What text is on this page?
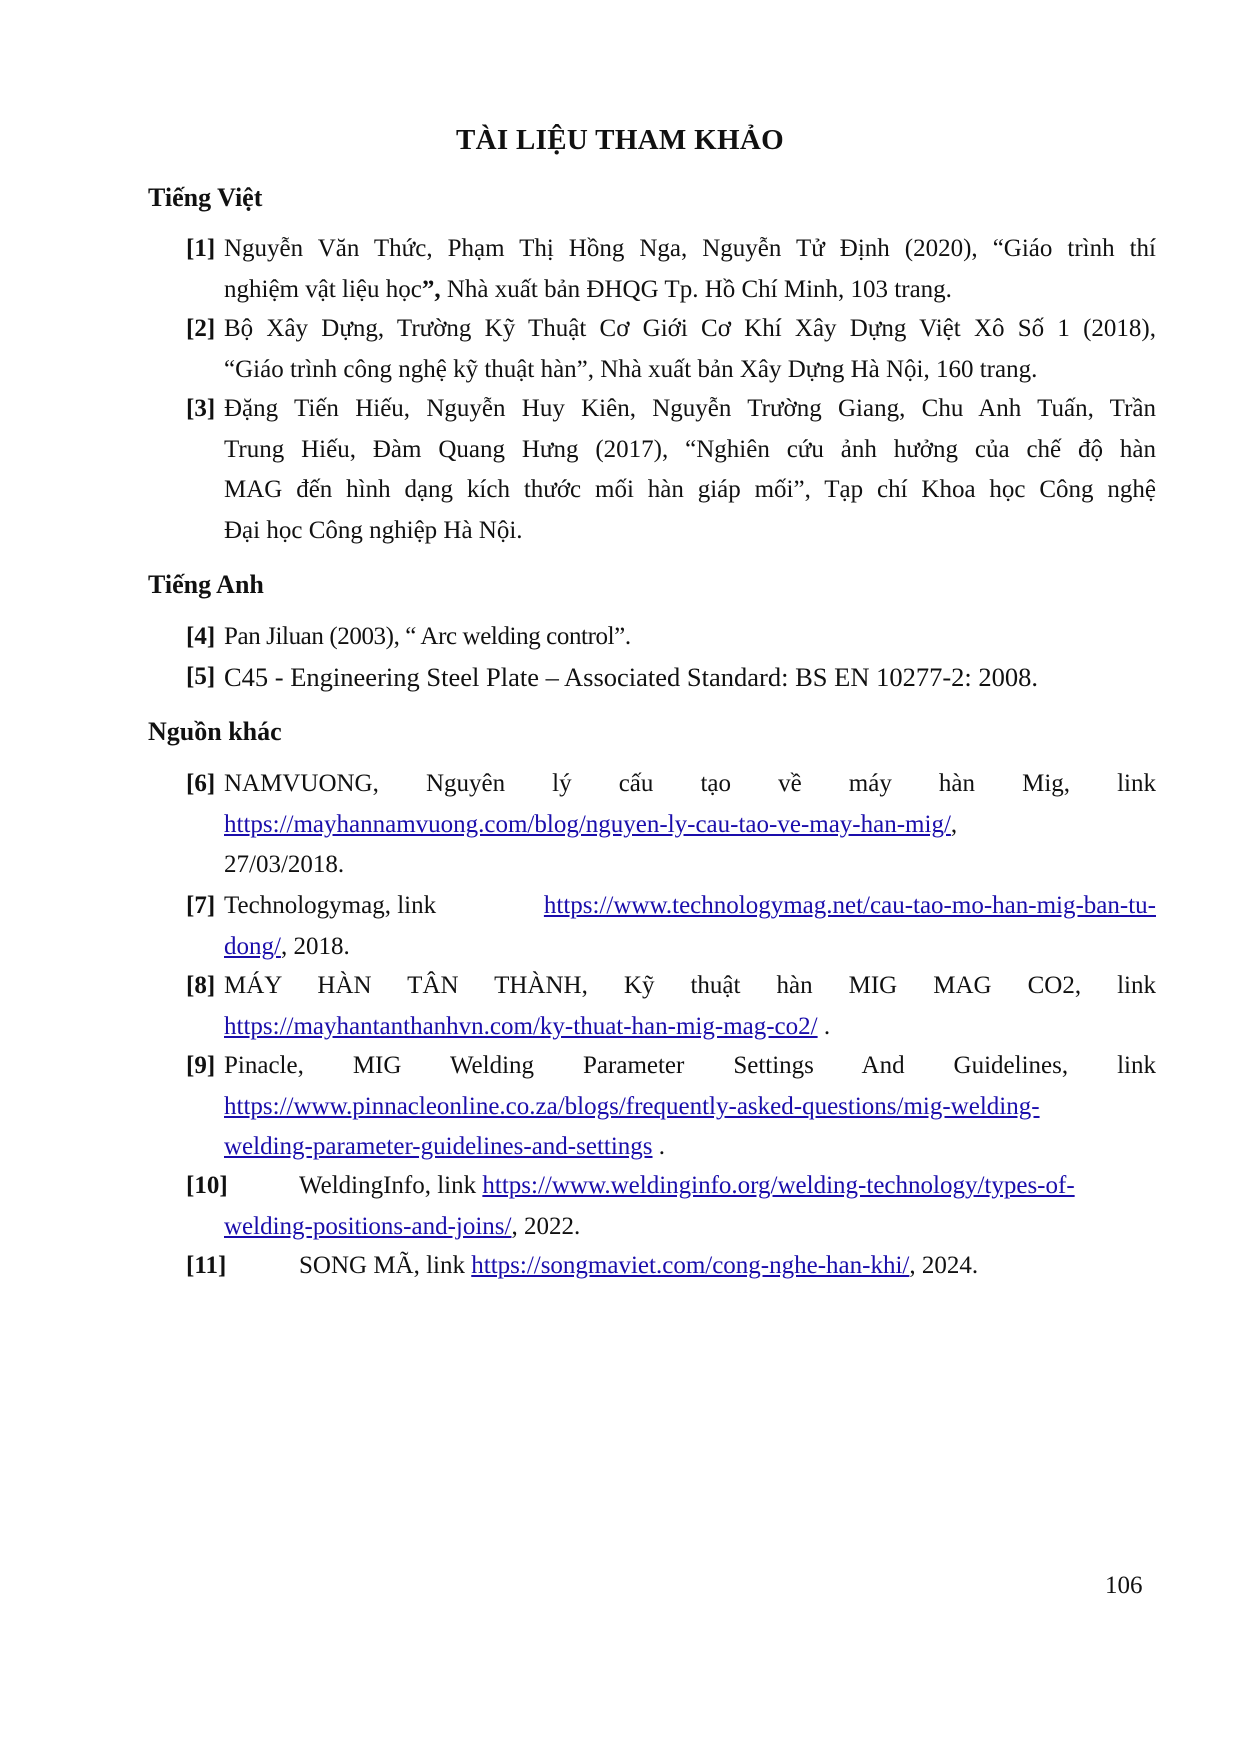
TÀI LIỆU THAM KHẢO
Tiếng Việt
[1] Nguyễn Văn Thức, Phạm Thị Hồng Nga, Nguyễn Tử Định (2020), “Giáo trình thí
nghiệm vật liệu học”, Nhà xuất bản ĐHQG Tp. Hồ Chí Minh, 103 trang.
[2] Bộ Xây Dựng, Trường Kỹ Thuật Cơ Giới Cơ Khí Xây Dựng Việt Xô Số 1 (2018),
“Giáo trình công nghệ kỹ thuật hàn”, Nhà xuất bản Xây Dựng Hà Nội, 160 trang.
[3] Đặng Tiến Hiếu, Nguyễn Huy Kiên, Nguyễn Trường Giang, Chu Anh Tuấn, Trần
Trung Hiếu, Đàm Quang Hưng (2017), “Nghiên cứu ảnh hưởng của chế độ hàn
MAG đến hình dạng kích thước mối hàn giáp mối”, Tạp chí Khoa học Công nghệ
Đại học Công nghiệp Hà Nội.
Tiếng Anh
[4] Pan Jiluan (2003), “ Arc welding control”.
[5] C45 - Engineering Steel Plate – Associated Standard: BS EN 10277-2: 2008.
Nguồn khác
[6] NAMVUONG, Nguyên lý cấu tạo về máy hàn Mig, link
https://mayhannamvuong.com/blog/nguyen-ly-cau-tao-ve-may-han-mig/,
27/03/2018.
[7] Technologymag, link	https://www.technologymag.net/cau-tao-mo-han-mig-ban-tu-
dong/, 2018.
[8] MÁY HÀN TÂN THÀNH, Kỹ thuật hàn MIG MAG CO2, link
https://mayhantanthanhvn.com/ky-thuat-han-mig-mag-co2/ .
[9] Pinacle, MIG Welding Parameter Settings And Guidelines, link
https://www.pinnacleonline.co.za/blogs/frequently-asked-questions/mig-welding-
welding-parameter-guidelines-and-settings .
[10]	WeldingInfo, link https://www.weldinginfo.org/welding-technology/types-of-
welding-positions-and-joins/, 2022.
[11]	SONG MÃ, link https://songmaviet.com/cong-nghe-han-khi/, 2024.
106
